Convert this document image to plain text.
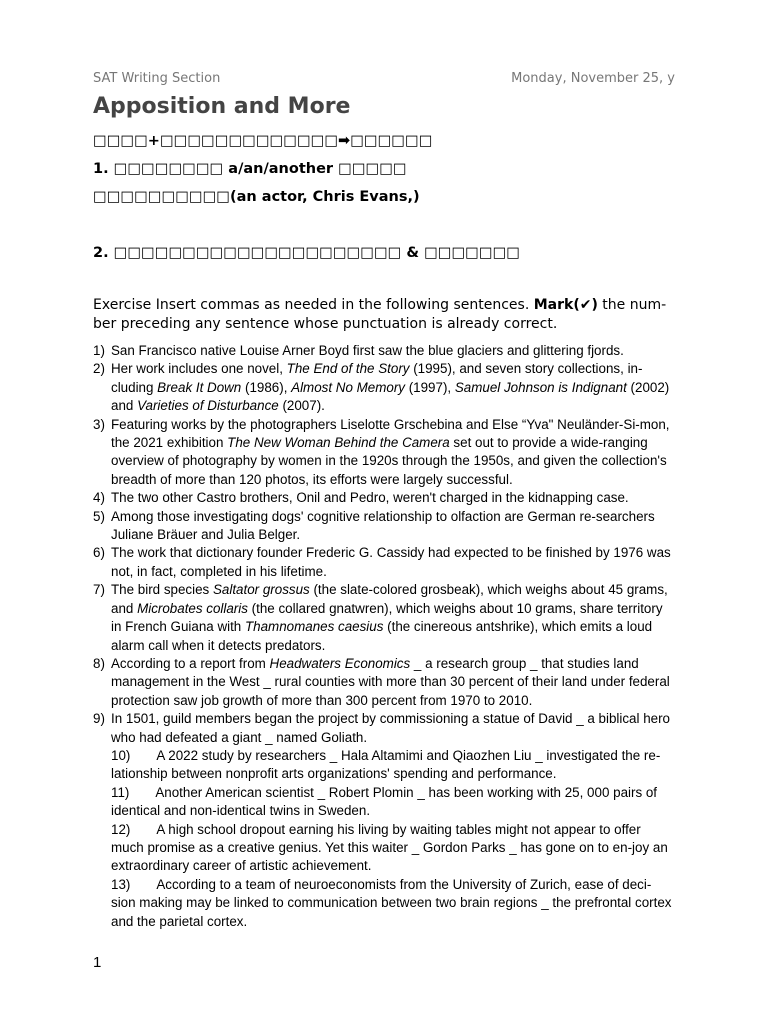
SAT Writing Section	Monday, November 25, y
Apposition and More
□□□□+□□□□□□□□□□□□□➡□□□□□□
1. □□□□□□□□ a/an/another □□□□□
□□□□□□□□□□(an actor, Chris Evans,)
2. □□□□□□□□□□□□□□□□□□□□□ & □□□□□□□

Exercise Insert commas as needed in the following sentences. Mark(✔) the num-ber preceding any sentence whose punctuation is already correct.

1) San Francisco native Louise Arner Boyd first saw the blue glaciers and glittering fjords.
2) Her work includes one novel, The End of the Story (1995), and seven story collections, in-cluding Break It Down (1986), Almost No Memory (1997), Samuel Johnson is Indignant (2002) and Varieties of Disturbance (2007).
3) Featuring works by the photographers Liselotte Grschebina and Else “Yva" Neuländer-Si-mon, the 2021 exhibition The New Woman Behind the Camera set out to provide a wide-ranging overview of photography by women in the 1920s through the 1950s, and given the collection's breadth of more than 120 photos, its efforts were largely successful.
4) The two other Castro brothers, Onil and Pedro, weren't charged in the kidnapping case.
5) Among those investigating dogs' cognitive relationship to olfaction are German re-searchers Juliane Bräuer and Julia Belger.
6) The work that dictionary founder Frederic G. Cassidy had expected to be finished by 1976 was not, in fact, completed in his lifetime.
7) The bird species Saltator grossus (the slate-colored grosbeak), which weighs about 45 grams, and Microbates collaris (the collared gnatwren), which weighs about 10 grams, share territory in French Guiana with Thamnomanes caesius (the cinereous antshrike), which emits a loud alarm call when it detects predators.
8) According to a report from Headwaters Economics _ a research group _ that studies land management in the West _ rural counties with more than 30 percent of their land under federal protection saw job growth of more than 300 percent from 1970 to 2010.
9) In 1501, guild members began the project by commissioning a statue of David _ a biblical hero who had defeated a giant _ named Goliath.
10) A 2022 study by researchers _ Hala Altamimi and Qiaozhen Liu _ investigated the re-lationship between nonprofit arts organizations' spending and performance.
11) Another American scientist _ Robert Plomin _ has been working with 25, 000 pairs of identical and non-identical twins in Sweden.
12) A high school dropout earning his living by waiting tables might not appear to offer much promise as a creative genius. Yet this waiter _ Gordon Parks _ has gone on to en-joy an extraordinary career of artistic achievement.
13) According to a team of neuroeconomists from the University of Zurich, ease of deci-sion making may be linked to communication between two brain regions _ the prefrontal cortex and the parietal cortex.
1
